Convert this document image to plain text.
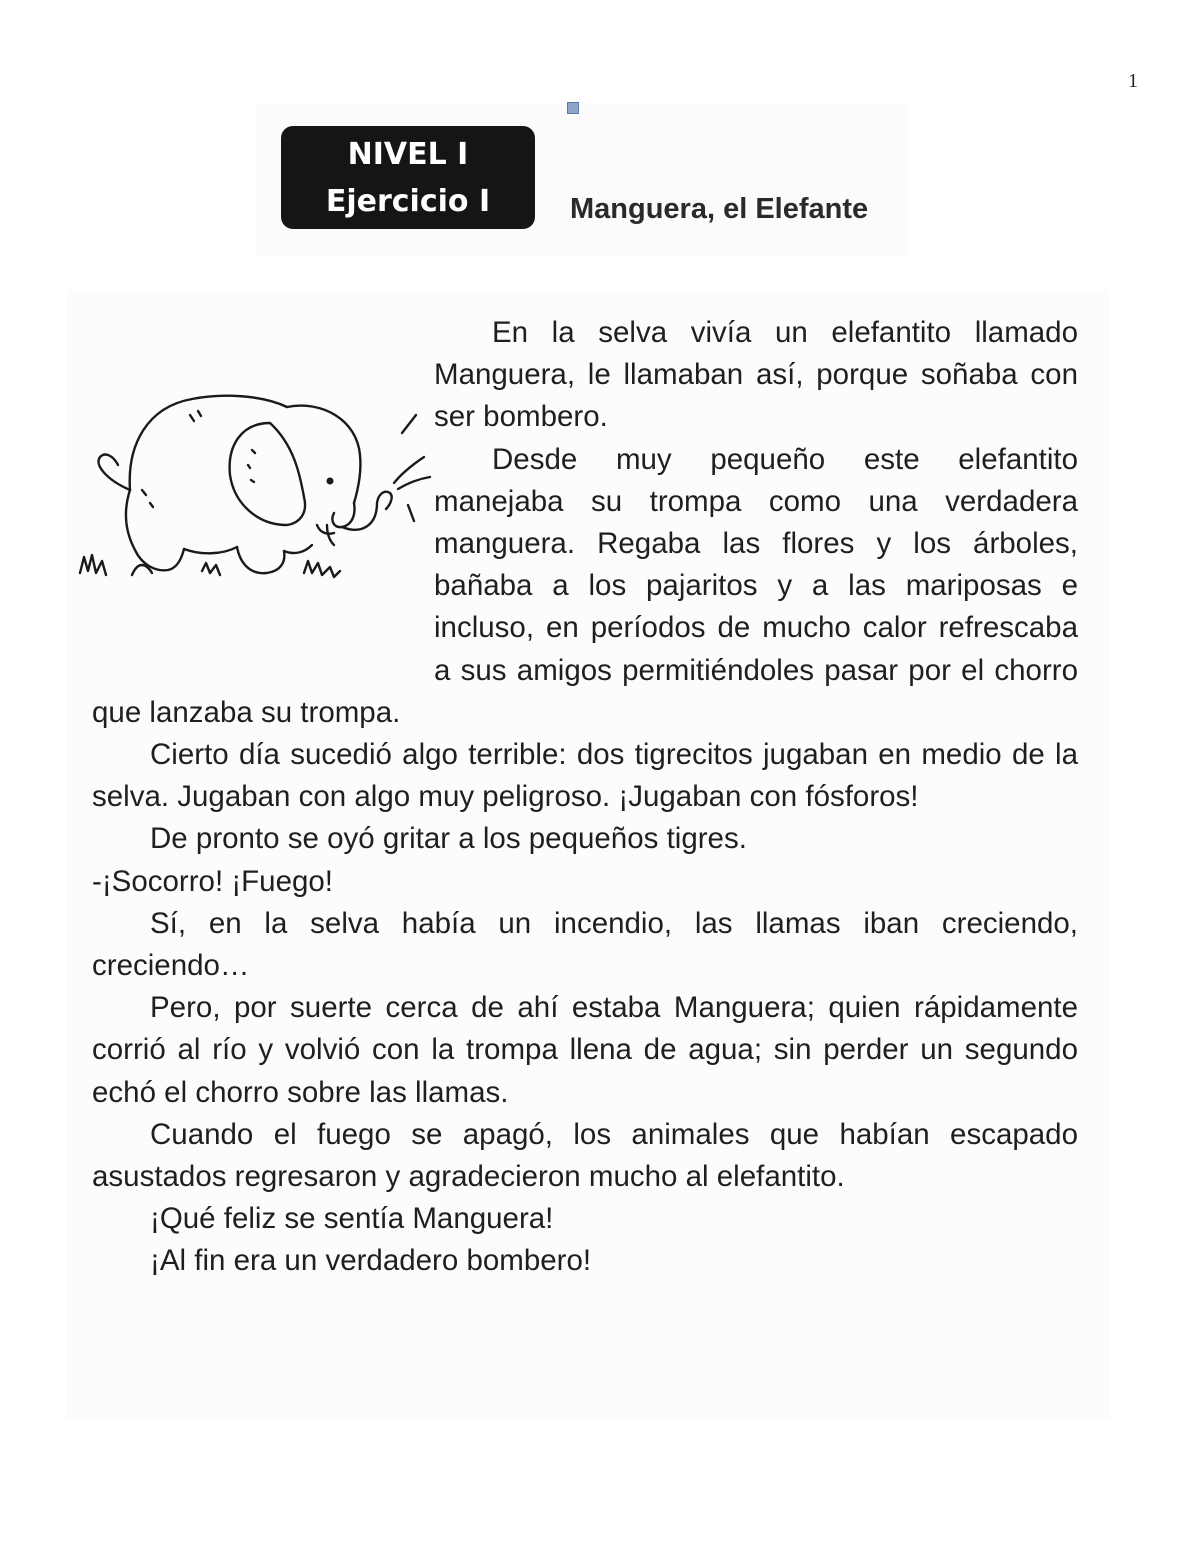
1
NIVEL I
Ejercicio I	Manguera, el Elefante

En la selva vivía un elefantito llamado Manguera, le llamaban así, porque soñaba con ser bombero.

Desde muy pequeño este elefantito manejaba su trompa como una verdadera manguera. Regaba las flores y los árboles, bañaba a los pajaritos y a las mariposas e incluso, en períodos de mucho calor refrescaba a sus amigos permitiéndoles pasar por el chorro que lanzaba su trompa.

Cierto día sucedió algo terrible: dos tigrecitos jugaban en medio de la selva. Jugaban con algo muy peligroso. ¡Jugaban con fósforos!

De pronto se oyó gritar a los pequeños tigres.

-¡Socorro! ¡Fuego!

Sí, en la selva había un incendio, las llamas iban creciendo, creciendo…

Pero, por suerte cerca de ahí estaba Manguera; quien rápidamente corrió al río y volvió con la trompa llena de agua; sin perder un segundo echó el chorro sobre las llamas.

Cuando el fuego se apagó, los animales que habían escapado asustados regresaron y agradecieron mucho al elefantito.

¡Qué feliz se sentía Manguera!

¡Al fin era un verdadero bombero!
